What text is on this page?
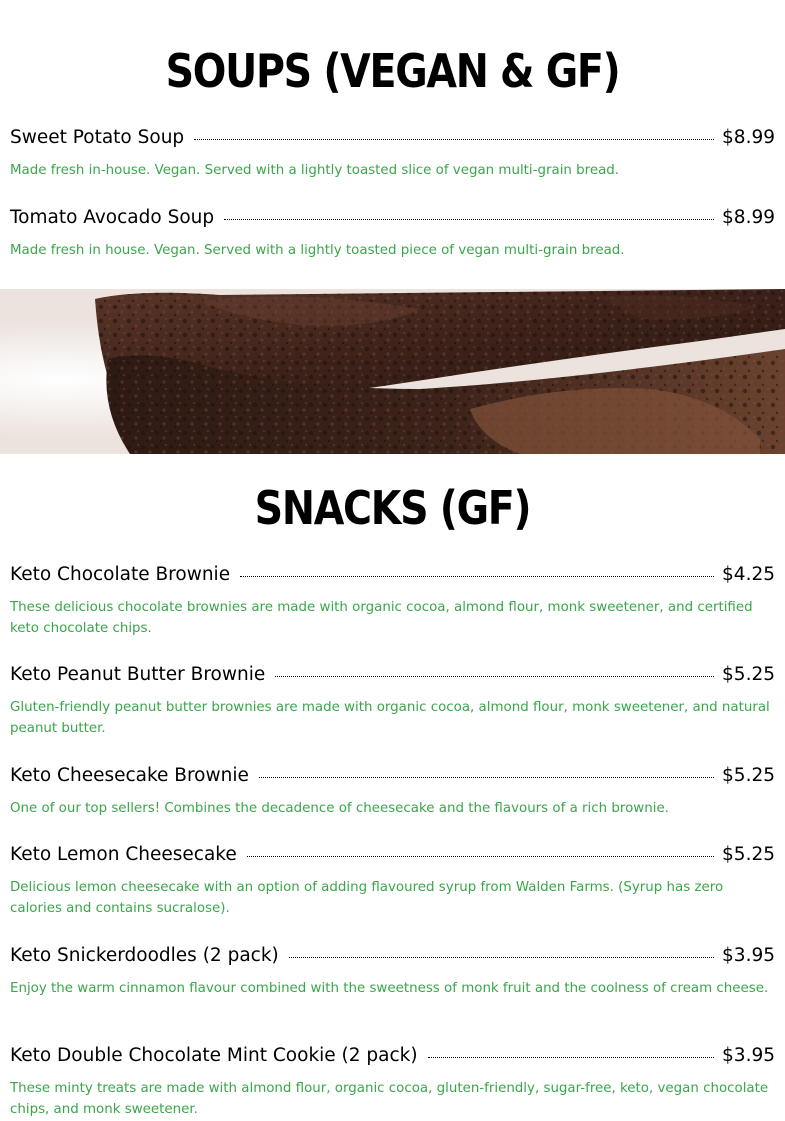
SOUPS (VEGAN & GF)
Sweet Potato Soup	$8.99
Made fresh in-house. Vegan. Served with a lightly toasted slice of vegan multi-grain bread.
Tomato Avocado Soup	$8.99
Made fresh in house. Vegan. Served with a lightly toasted piece of vegan multi-grain bread.
SNACKS (GF)
Keto Chocolate Brownie	$4.25
These delicious chocolate brownies are made with organic cocoa, almond flour, monk sweetener, and certified keto chocolate chips.
Keto Peanut Butter Brownie	$5.25
Gluten-friendly peanut butter brownies are made with organic cocoa, almond flour, monk sweetener, and natural peanut butter.
Keto Cheesecake Brownie	$5.25
One of our top sellers! Combines the decadence of cheesecake and the flavours of a rich brownie.
Keto Lemon Cheesecake	$5.25
Delicious lemon cheesecake with an option of adding flavoured syrup from Walden Farms. (Syrup has zero calories and contains sucralose).
Keto Snickerdoodles (2 pack)	$3.95
Enjoy the warm cinnamon flavour combined with the sweetness of monk fruit and the coolness of cream cheese.
Keto Double Chocolate Mint Cookie (2 pack)	$3.95
These minty treats are made with almond flour, organic cocoa, gluten-friendly, sugar-free, keto, vegan chocolate chips, and monk sweetener.
